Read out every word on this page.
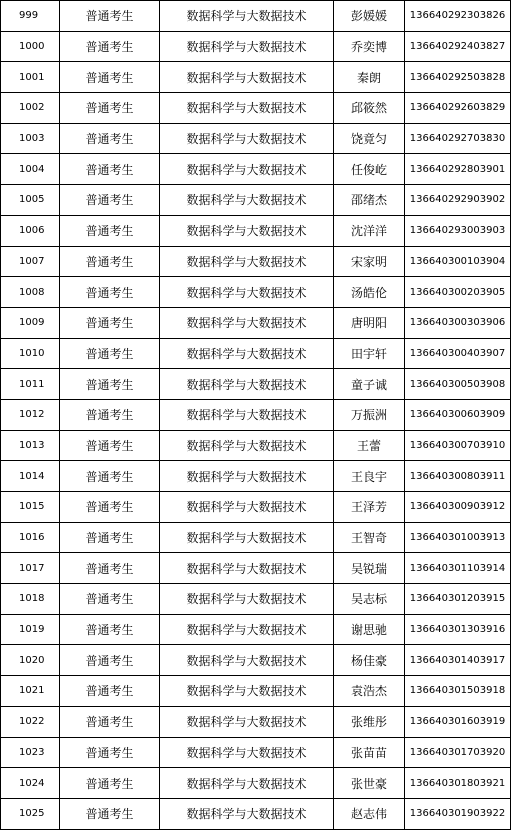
999	普通考生	数据科学与大数据技术	彭媛媛	136640292303826
1000	普通考生	数据科学与大数据技术	乔奕博	136640292403827
1001	普通考生	数据科学与大数据技术	秦朗	136640292503828
1002	普通考生	数据科学与大数据技术	邱筱然	136640292603829
1003	普通考生	数据科学与大数据技术	饶竟匀	136640292703830
1004	普通考生	数据科学与大数据技术	任俊屹	136640292803901
1005	普通考生	数据科学与大数据技术	邵绪杰	136640292903902
1006	普通考生	数据科学与大数据技术	沈洋洋	136640293003903
1007	普通考生	数据科学与大数据技术	宋家明	136640300103904
1008	普通考生	数据科学与大数据技术	汤皓伦	136640300203905
1009	普通考生	数据科学与大数据技术	唐明阳	136640300303906
1010	普通考生	数据科学与大数据技术	田宇轩	136640300403907
1011	普通考生	数据科学与大数据技术	童子诚	136640300503908
1012	普通考生	数据科学与大数据技术	万振洲	136640300603909
1013	普通考生	数据科学与大数据技术	王蕾	136640300703910
1014	普通考生	数据科学与大数据技术	王良宇	136640300803911
1015	普通考生	数据科学与大数据技术	王泽芳	136640300903912
1016	普通考生	数据科学与大数据技术	王智奇	136640301003913
1017	普通考生	数据科学与大数据技术	吴锐瑞	136640301103914
1018	普通考生	数据科学与大数据技术	吴志标	136640301203915
1019	普通考生	数据科学与大数据技术	谢思驰	136640301303916
1020	普通考生	数据科学与大数据技术	杨佳豪	136640301403917
1021	普通考生	数据科学与大数据技术	袁浩杰	136640301503918
1022	普通考生	数据科学与大数据技术	张维彤	136640301603919
1023	普通考生	数据科学与大数据技术	张苗苗	136640301703920
1024	普通考生	数据科学与大数据技术	张世豪	136640301803921
1025	普通考生	数据科学与大数据技术	赵志伟	136640301903922
